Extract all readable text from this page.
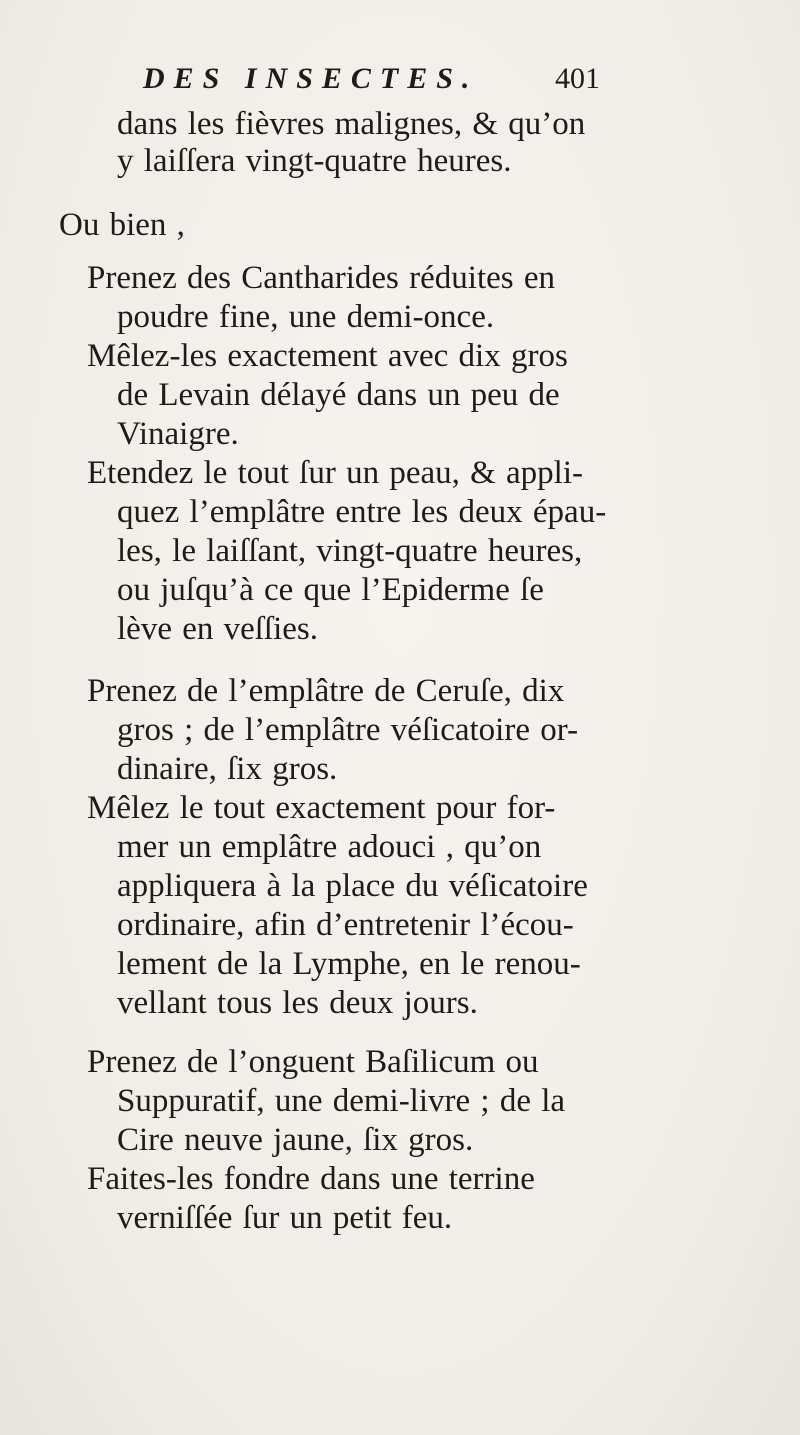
DES INSECTES.	401
dans les fièvres malignes, & qu’on
y laiſſera vingt-quatre heures.
Ou bien ,
Prenez des Cantharides réduites en
poudre fine, une demi-once.
Mêlez-les exactement avec dix gros
de Levain délayé dans un peu de
Vinaigre.
Etendez le tout ſur un peau, & appli-
quez l’emplâtre entre les deux épau-
les, le laiſſant, vingt-quatre heures,
ou juſqu’à ce que l’Epiderme ſe
lève en veſſies.
Prenez de l’emplâtre de Ceruſe, dix
gros ; de l’emplâtre véſicatoire or-
dinaire, ſix gros.
Mêlez le tout exactement pour for-
mer un emplâtre adouci , qu’on
appliquera à la place du véſicatoire
ordinaire, afin d’entretenir l’écou-
lement de la Lymphe, en le renou-
vellant tous les deux jours.
Prenez de l’onguent Baſilicum ou
Suppuratif, une demi-livre ; de la
Cire neuve jaune, ſix gros.
Faites-les fondre dans une terrine
verniſſée ſur un petit feu.
